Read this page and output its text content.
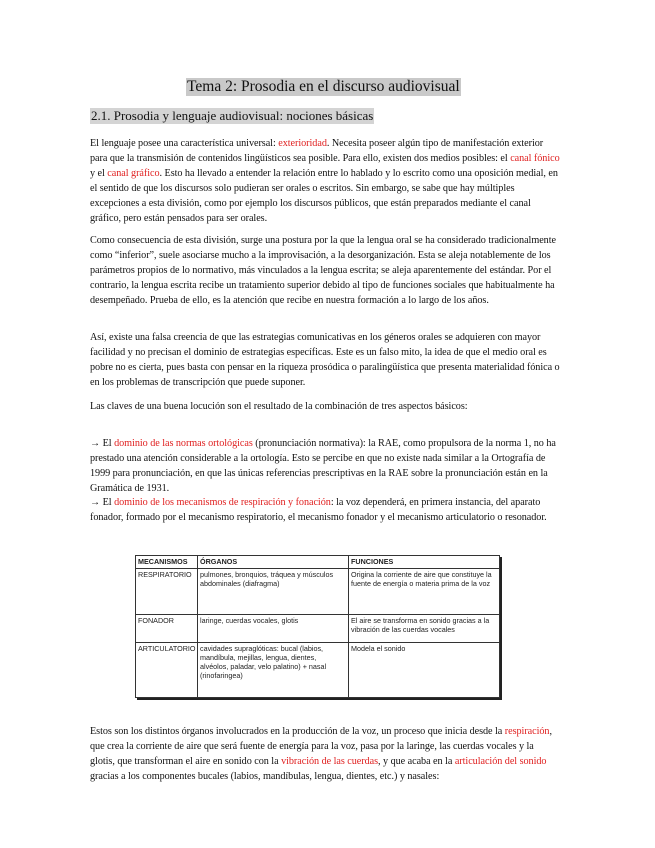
Tema 2: Prosodia en el discurso audiovisual
2.1. Prosodia y lenguaje audiovisual: nociones básicas

El lenguaje posee una característica universal: exterioridad. Necesita poseer algún tipo de manifestación exterior para que la transmisión de contenidos lingüísticos sea posible. Para ello, existen dos medios posibles: el canal fónico y el canal gráfico. Esto ha llevado a entender la relación entre lo hablado y lo escrito como una oposición medial, en el sentido de que los discursos solo pudieran ser orales o escritos. Sin embargo, se sabe que hay múltiples excepciones a esta división, como por ejemplo los discursos públicos, que están preparados mediante el canal gráfico, pero están pensados para ser orales.

Como consecuencia de esta división, surge una postura por la que la lengua oral se ha considerado tradicionalmente como “inferior”, suele asociarse mucho a la improvisación, a la desorganización. Esta se aleja notablemente de los parámetros propios de lo normativo, más vinculados a la lengua escrita; se aleja aparentemente del estándar. Por el contrario, la lengua escrita recibe un tratamiento superior debido al tipo de funciones sociales que habitualmente ha desempeñado. Prueba de ello, es la atención que recibe en nuestra formación a lo largo de los años.

Así, existe una falsa creencia de que las estrategias comunicativas en los géneros orales se adquieren con mayor facilidad y no precisan el dominio de estrategias específicas. Este es un falso mito, la idea de que el medio oral es pobre no es cierta, pues basta con pensar en la riqueza prosódica o paralingüística que presenta materialidad fónica o en los problemas de transcripción que puede suponer.

Las claves de una buena locución son el resultado de la combinación de tres aspectos básicos:

→ El dominio de las normas ortológicas (pronunciación normativa): la RAE, como propulsora de la norma 1, no ha prestado una atención considerable a la ortología. Esto se percibe en que no existe nada similar a la Ortografía de 1999 para pronunciación, en que las únicas referencias prescriptivas en la RAE sobre la pronunciación están en la Gramática de 1931.

→ El dominio de los mecanismos de respiración y fonación: la voz dependerá, en primera instancia, del aparato fonador, formado por el mecanismo respiratorio, el mecanismo fonador y el mecanismo articulatorio o resonador.

MECANISMOS	ÓRGANOS	FUNCIONES
RESPIRATORIO	pulmones, bronquios, tráquea y músculos abdominales (diafragma)	Origina la corriente de aire que constituye la fuente de energía o materia prima de la voz
FONADOR	laringe, cuerdas vocales, glotis	El aire se transforma en sonido gracias a la vibración de las cuerdas vocales
ARTICULATORIO	cavidades supraglóticas: bucal (labios, mandíbula, mejillas, lengua, dientes, alvéolos, paladar, velo palatino) + nasal (rinofaringea)	Modela el sonido

Estos son los distintos órganos involucrados en la producción de la voz, un proceso que inicia desde la respiración, que crea la corriente de aire que será fuente de energía para la voz, pasa por la laringe, las cuerdas vocales y la glotis, que transforman el aire en sonido con la vibración de las cuerdas, y que acaba en la articulación del sonido gracias a los componentes bucales (labios, mandíbulas, lengua, dientes, etc.) y nasales:
